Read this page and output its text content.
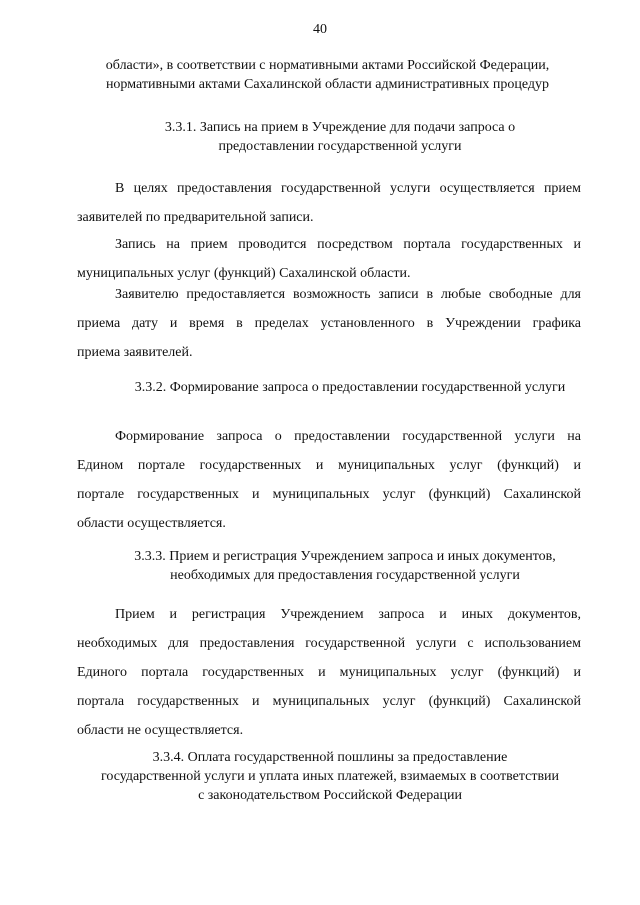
40
области», в соответствии с нормативными актами Российской Федерации,
нормативными актами Сахалинской области административных процедур
3.3.1. Запись на прием в Учреждение для подачи запроса о
предоставлении государственной услуги
В целях предоставления государственной услуги осуществляется прием
заявителей по предварительной записи.
Запись на прием проводится посредством портала государственных и
муниципальных услуг (функций) Сахалинской области.
Заявителю предоставляется возможность записи в любые свободные для
приема дату и время в пределах установленного в Учреждении графика
приема заявителей.
3.3.2. Формирование запроса о предоставлении государственной услуги
Формирование запроса о предоставлении государственной услуги на
Едином портале государственных и муниципальных услуг (функций) и
портале государственных и муниципальных услуг (функций) Сахалинской
области осуществляется.
3.3.3. Прием и регистрация Учреждением запроса и иных документов,
необходимых для предоставления государственной услуги
Прием и регистрация Учреждением запроса и иных документов,
необходимых для предоставления государственной услуги с использованием
Единого портала государственных и муниципальных услуг (функций) и
портала государственных и муниципальных услуг (функций) Сахалинской
области не осуществляется.
3.3.4. Оплата государственной пошлины за предоставление
государственной услуги и уплата иных платежей, взимаемых в соответствии
с законодательством Российской Федерации
